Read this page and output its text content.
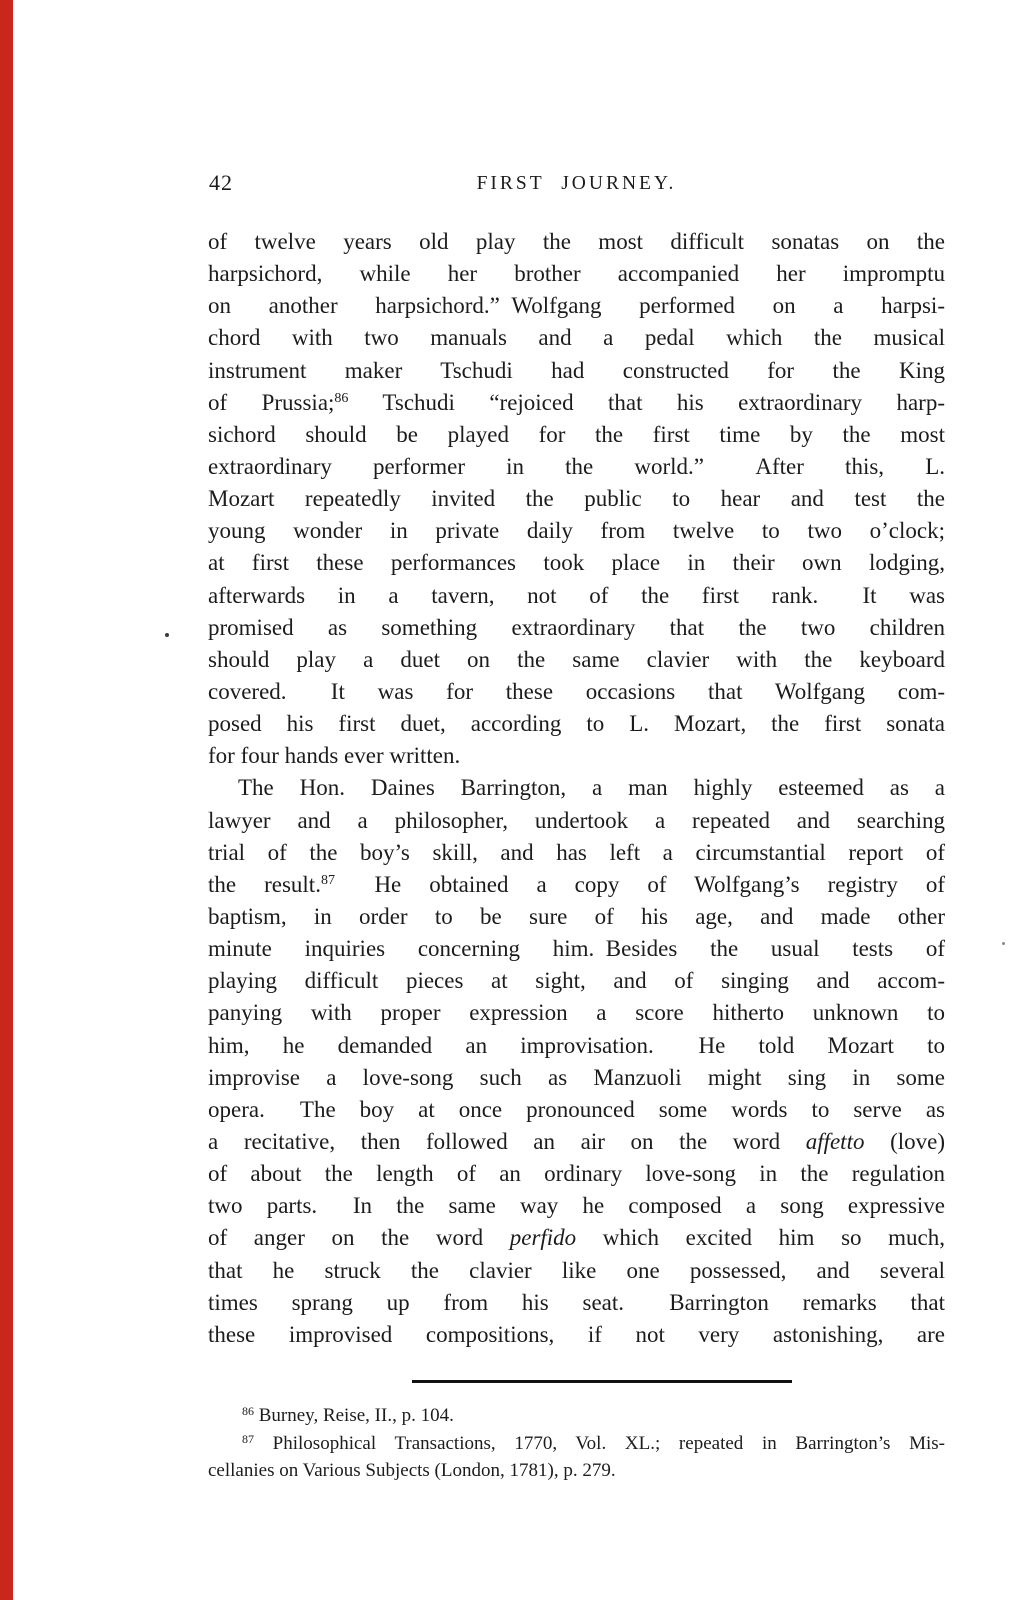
42	FIRST JOURNEY.
of twelve years old play the most difficult sonatas on the
harpsichord, while her brother accompanied her impromptu
on another harpsichord.” Wolfgang performed on a harpsi-
chord with two manuals and a pedal which the musical
instrument maker Tschudi had constructed for the King
of Prussia;$^{86}$ Tschudi “rejoiced that his extraordinary harp-
sichord should be played for the first time by the most
extraordinary performer in the world.”  After this, L.
Mozart repeatedly invited the public to hear and test the
young wonder in private daily from twelve to two o’clock;
at first these performances took place in their own lodging,
afterwards in a tavern, not of the first rank.  It was
promised as something extraordinary that the two children
should play a duet on the same clavier with the keyboard
covered.  It was for these occasions that Wolfgang com-
posed his first duet, according to L. Mozart, the first sonata
for four hands ever written.
The Hon. Daines Barrington, a man highly esteemed as a
lawyer and a philosopher, undertook a repeated and searching
trial of the boy’s skill, and has left a circumstantial report of
the result.$^{87}$  He obtained a copy of Wolfgang’s registry of
baptism, in order to be sure of his age, and made other
minute inquiries concerning him. Besides the usual tests of
playing difficult pieces at sight, and of singing and accom-
panying with proper expression a score hitherto unknown to
him, he demanded an improvisation.  He told Mozart to
improvise a love-song such as Manzuoli might sing in some
opera.  The boy at once pronounced some words to serve as
a recitative, then followed an air on the word affetto (love)
of about the length of an ordinary love-song in the regulation
two parts.  In the same way he composed a song expressive
of anger on the word perfido which excited him so much,
that he struck the clavier like one possessed, and several
times sprang up from his seat.  Barrington remarks that
these improvised compositions, if not very astonishing, are
$^{86}$ Burney, Reise, II., p. 104.
$^{87}$ Philosophical Transactions, 1770, Vol. XL.; repeated in Barrington’s Mis-
cellanies on Various Subjects (London, 1781), p. 279.
